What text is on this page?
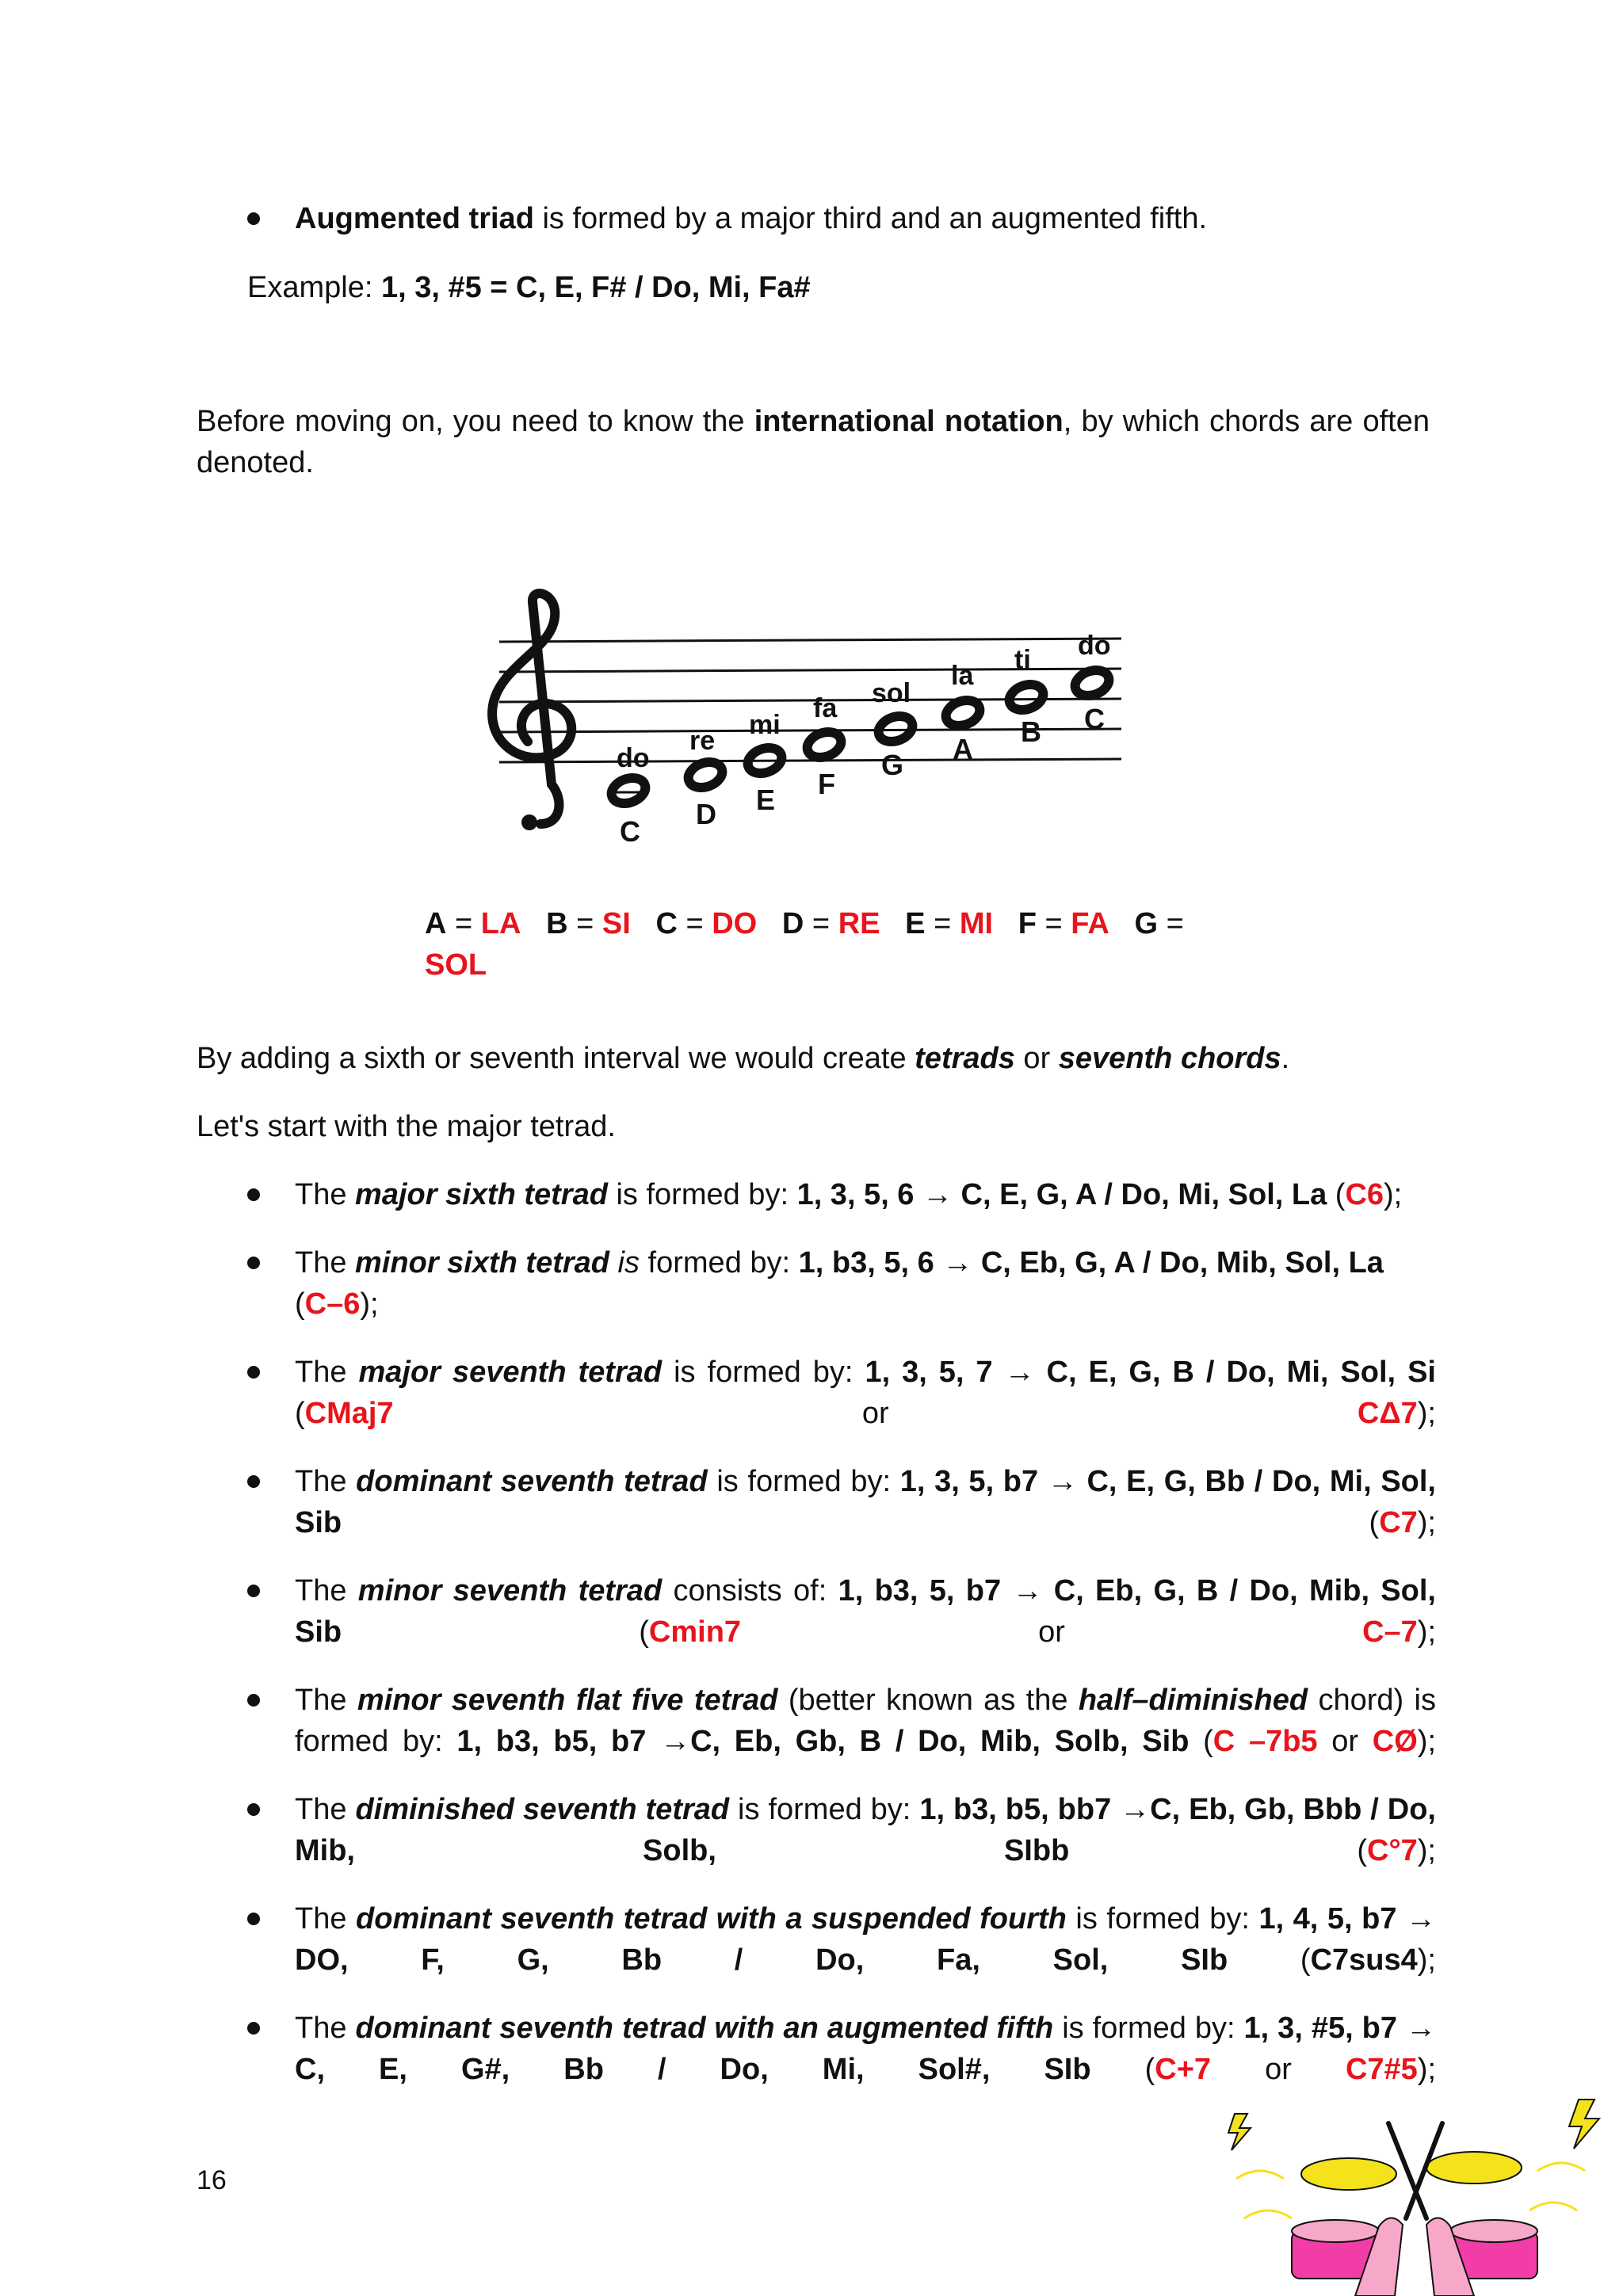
Augmented triad is formed by a major third and an augmented fifth.
Example: 1, 3, #5 = C, E, F# / Do, Mi, Fa#
Before moving on, you need to know the international notation, by which chords are often denoted.
do
re
mi
fa sol
la
ti do
C
D E F
G A
B C
A = LA B = SI C = DO D = RE E = MI F = FA G = SOL
By adding a sixth or seventh interval we would create tetrads or seventh chords.
Let's start with the major tetrad.
The major sixth tetrad is formed by: 1, 3, 5, 6 → C, E, G, A / Do, Mi, Sol, La (C6);
The minor sixth tetrad is formed by: 1, b3, 5, 6 → C, Eb, G, A / Do, Mib, Sol, La (C–6);
The major seventh tetrad is formed by: 1, 3, 5, 7 → C, E, G, B / Do, Mi, Sol, Si (CMaj7 or CΔ7);
The dominant seventh tetrad is formed by: 1, 3, 5, b7 → C, E, G, Bb / Do, Mi, Sol, Sib (C7);
The minor seventh tetrad consists of: 1, b3, 5, b7 → C, Eb, G, B / Do, Mib, Sol, Sib (Cmin7 or C–7);
The minor seventh flat five tetrad (better known as the half–diminished chord) is formed by: 1, b3, b5, b7 →C, Eb, Gb, B / Do, Mib, Solb, Sib (C –7b5 or CØ);
The diminished seventh tetrad is formed by: 1, b3, b5, bb7 →C, Eb, Gb, Bbb / Do, Mib, Solb, SIbb (C°7);
The dominant seventh tetrad with a suspended fourth is formed by: 1, 4, 5, b7 → DO, F, G, Bb / Do, Fa, Sol, SIb (C7sus4);
The dominant seventh tetrad with an augmented fifth is formed by: 1, 3, #5, b7 → C, E, G#, Bb / Do, Mi, Sol#, SIb (C+7 or C7#5);
16
